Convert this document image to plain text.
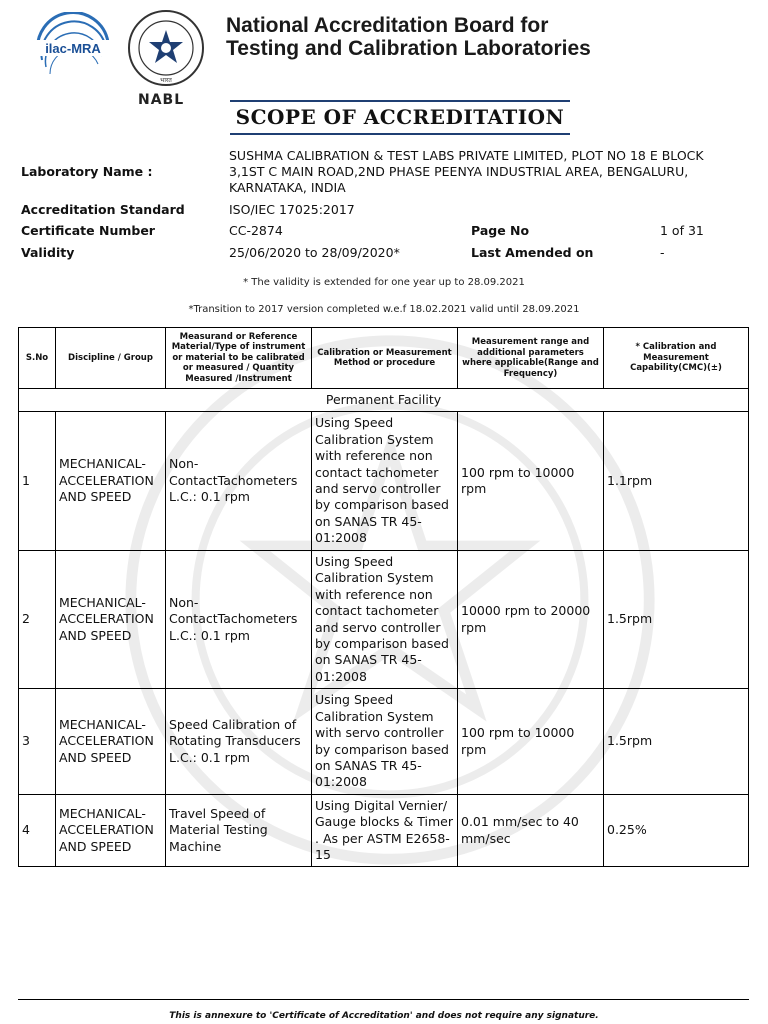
ilac-MRA
भारत
NABL
National Accreditation Board for
Testing and Calibration Laboratories
SCOPE OF ACCREDITATION
Laboratory Name :
SUSHMA CALIBRATION & TEST LABS PRIVATE LIMITED, PLOT NO 18 E BLOCK
3,1ST C MAIN ROAD,2ND PHASE PEENYA INDUSTRIAL AREA, BENGALURU,
KARNATAKA, INDIA
Accreditation Standard	ISO/IEC 17025:2017
Certificate Number	CC-2874	Page No	1 of 31
Validity	25/06/2020 to 28/09/2020*	Last Amended on	-
* The validity is extended for one year up to 28.09.2021
*Transition to 2017 version completed w.e.f 18.02.2021 valid until 28.09.2021
S.No	Discipline / Group	Measurand or Reference Material/Type of instrument or material to be calibrated or measured / Quantity Measured /Instrument	Calibration or Measurement Method or procedure	Measurement range and additional parameters where applicable(Range and Frequency)	* Calibration and Measurement Capability(CMC)(±)
Permanent Facility					
1	MECHANICAL- ACCELERATION AND SPEED	Non-ContactTachometers L.C.: 0.1 rpm	Using Speed Calibration System with reference non contact tachometer and servo controller by comparison based on SANAS TR 45-01:2008	100 rpm to 10000 rpm	1.1rpm
2	MECHANICAL- ACCELERATION AND SPEED	Non-ContactTachometers L.C.: 0.1 rpm	Using Speed Calibration System with reference non contact tachometer and servo controller by comparison based on SANAS TR 45-01:2008	10000 rpm to 20000 rpm	1.5rpm
3	MECHANICAL- ACCELERATION AND SPEED	Speed Calibration of Rotating Transducers L.C.: 0.1 rpm	Using Speed Calibration System with servo controller by comparison based on SANAS TR 45-01:2008	100 rpm to 10000 rpm	1.5rpm
4	MECHANICAL- ACCELERATION AND SPEED	Travel Speed of Material Testing Machine	Using Digital Vernier/ Gauge blocks & Timer . As per ASTM E2658- 15	0.01 mm/sec to 40 mm/sec	0.25%
This is annexure to 'Certificate of Accreditation' and does not require any signature.
